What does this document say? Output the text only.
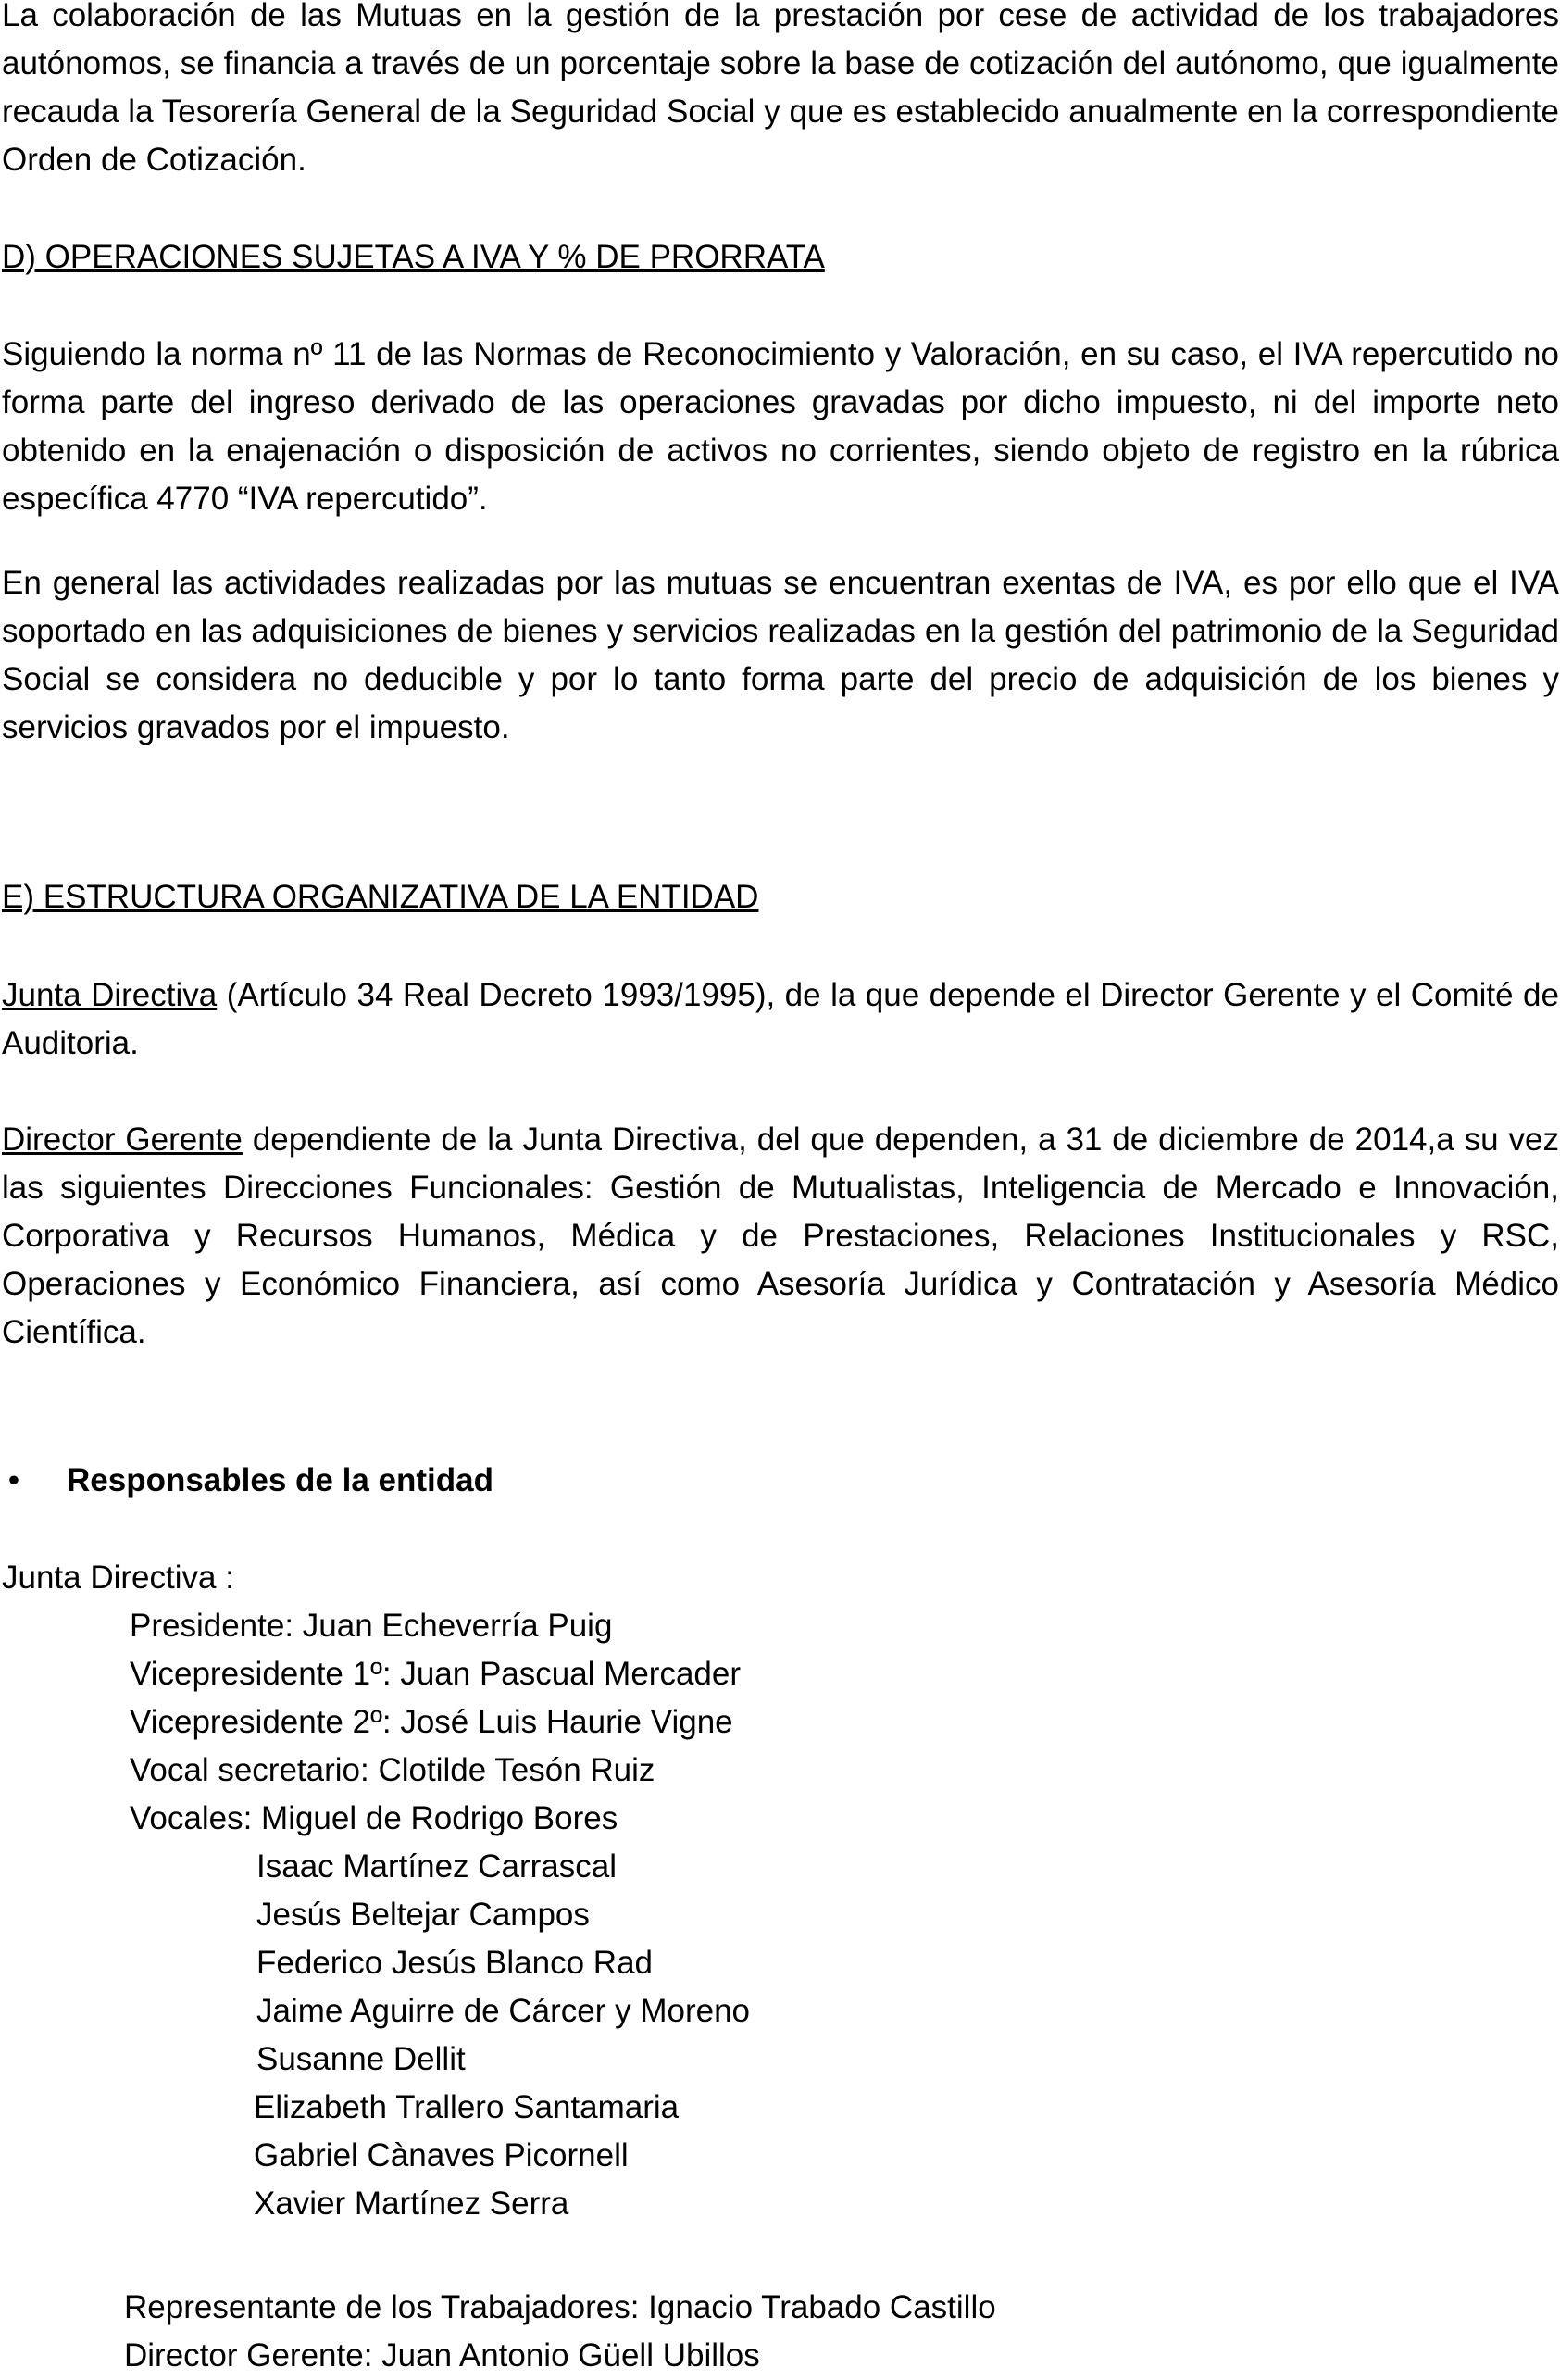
La colaboración de las Mutuas en la gestión de la prestación por cese de actividad de los trabajadores autónomos, se financia a través de un porcentaje sobre la base de cotización del autónomo, que igualmente recauda la Tesorería General de la Seguridad Social y que es establecido anualmente en la correspondiente Orden de Cotización.

D) OPERACIONES SUJETAS A IVA Y % DE PRORRATA

Siguiendo la norma nº 11 de las Normas de Reconocimiento y Valoración, en su caso, el IVA repercutido no forma parte del ingreso derivado de las operaciones gravadas por dicho impuesto, ni del importe neto obtenido en la enajenación o disposición de activos no corrientes, siendo objeto de registro en la rúbrica específica 4770 “IVA repercutido”.

En general las actividades realizadas por las mutuas se encuentran exentas de IVA, es por ello que el IVA soportado en las adquisiciones de bienes y servicios realizadas en la gestión del patrimonio de la Seguridad Social se considera no deducible y por lo tanto forma parte del precio de adquisición de los bienes y servicios gravados por el impuesto.

E) ESTRUCTURA ORGANIZATIVA DE LA ENTIDAD

Junta Directiva (Artículo 34 Real Decreto 1993/1995), de la que depende el Director Gerente y el Comité de Auditoria.

Director Gerente dependiente de la Junta Directiva, del que dependen, a 31 de diciembre de 2014,a su vez las siguientes Direcciones Funcionales: Gestión de Mutualistas, Inteligencia de Mercado e Innovación, Corporativa y Recursos Humanos, Médica y de Prestaciones, Relaciones Institucionales y RSC, Operaciones y Económico Financiera, así como Asesoría Jurídica y Contratación y Asesoría Médico Científica.

• Responsables de la entidad

Junta Directiva :

Presidente: Juan Echeverría Puig

Vicepresidente 1º: Juan Pascual Mercader

Vicepresidente 2º: José Luis Haurie Vigne

Vocal secretario: Clotilde Tesón Ruiz

Vocales: Miguel de Rodrigo Bores

Isaac Martínez Carrascal

Jesús Beltejar Campos

Federico Jesús Blanco Rad

Jaime Aguirre de Cárcer y Moreno

Susanne Dellit

Elizabeth Trallero Santamaria

Gabriel Cànaves Picornell

Xavier Martínez Serra

Representante de los Trabajadores: Ignacio Trabado Castillo

Director Gerente: Juan Antonio Güell Ubillos
